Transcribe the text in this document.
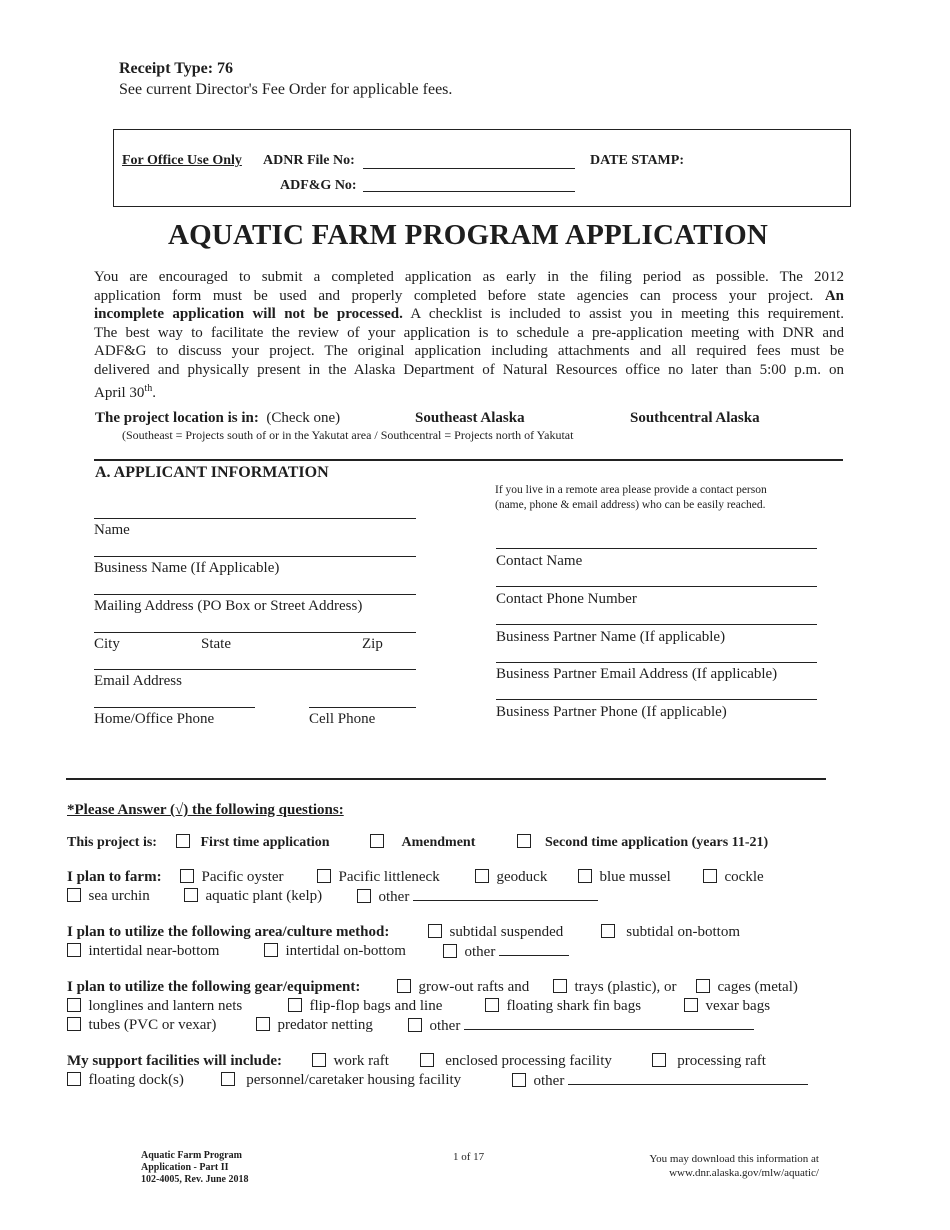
Receipt Type: 76
See current Director's Fee Order for applicable fees.
For Office Use Only ADNR File No:
ADF&G No:
DATE STAMP:
AQUATIC FARM PROGRAM APPLICATION
You are encouraged to submit a completed application as early in the filing period as possible. The 2012
application form must be used and properly completed before state agencies can process your project. An
incomplete application will not be processed. A checklist is included to assist you in meeting this requirement.
The best way to facilitate the review of your application is to schedule a pre-application meeting with DNR and
ADF&G to discuss your project. The original application including attachments and all required fees must be
delivered and physically present in the Alaska Department of Natural Resources office no later than 5:00 p.m. on
April 30th.
The project location is in: (Check one)	Southeast Alaska	Southcentral Alaska
(Southeast = Projects south of or in the Yakutat area / Southcentral = Projects north of Yakutat
A. APPLICANT INFORMATION
If you live in a remote area please provide a contact person
(name, phone & email address) who can be easily reached.
Name
Business Name (If Applicable)
Mailing Address (PO Box or Street Address)
City	State	Zip
Email Address
Home/Office Phone	Cell Phone
Contact Name
Contact Phone Number
Business Partner Name (If applicable)
Business Partner Email Address (If applicable)
Business Partner Phone (If applicable)
*Please Answer (√) the following questions:
This project is:	First time application	Amendment	Second time application (years 11-21)
I plan to farm:	Pacific oyster	Pacific littleneck	geoduck	blue mussel	cockle
sea urchin	aquatic plant (kelp)	other
I plan to utilize the following area/culture method:	subtidal suspended	subtidal on-bottom
intertidal near-bottom	intertidal on-bottom	other
I plan to utilize the following gear/equipment:	grow-out rafts and	trays (plastic), or	cages (metal)
longlines and lantern nets	flip-flop bags and line	floating shark fin bags	vexar bags
tubes (PVC or vexar)	predator netting	other
My support facilities will include:	work raft	enclosed processing facility	processing raft
floating dock(s)	personnel/caretaker housing facility	other
Aquatic Farm Program
Application - Part II
102-4005, Rev. June 2018
1 of 17	You may download this information at
www.dnr.alaska.gov/mlw/aquatic/
